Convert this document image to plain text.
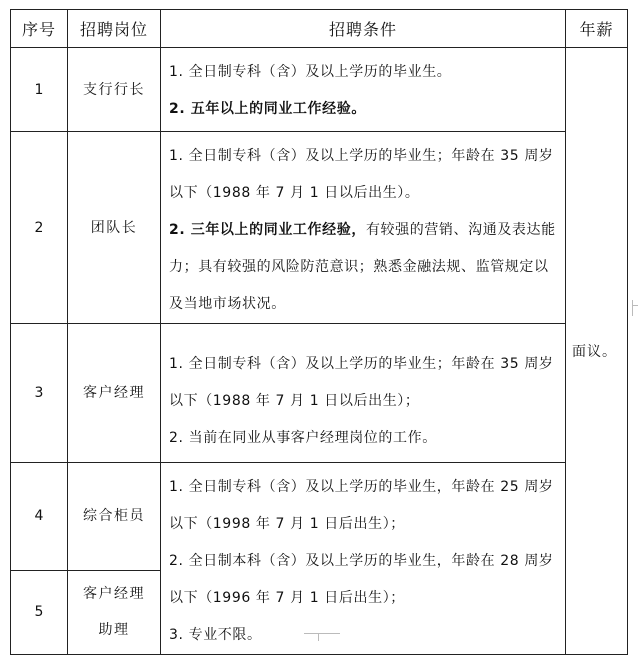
序号	招聘岗位	招聘条件	年薪
1	支行行长	1. 全日制专科（含）及以上学历的毕业生。

2. 五年以上的同业工作经验。	面议。
2	团队长	1. 全日制专科（含）及以上学历的毕业生；年龄在 35 周岁以下（1988 年 7 月 1 日以后出生）。

2. 三年以上的同业工作经验，有较强的营销、沟通及表达能力；具有较强的风险防范意识；熟悉金融法规、监管规定以及当地市场状况。	

3	客户经理	1. 全日制专科（含）及以上学历的毕业生；年龄在 35 周岁以下（1988 年 7 月 1 日以后出生）；

2. 当前在同业从事客户经理岗位的工作。	

4	综合柜员	1. 全日制专科（含）及以上学历的毕业生，年龄在 25 周岁以下（1998 年 7 月 1 日后出生）；

2. 全日制本科（含）及以上学历的毕业生，年龄在 28 周岁以下（1996 年 7 月 1 日后出生）；

3. 专业不限。	

5	客户经理
助理		
